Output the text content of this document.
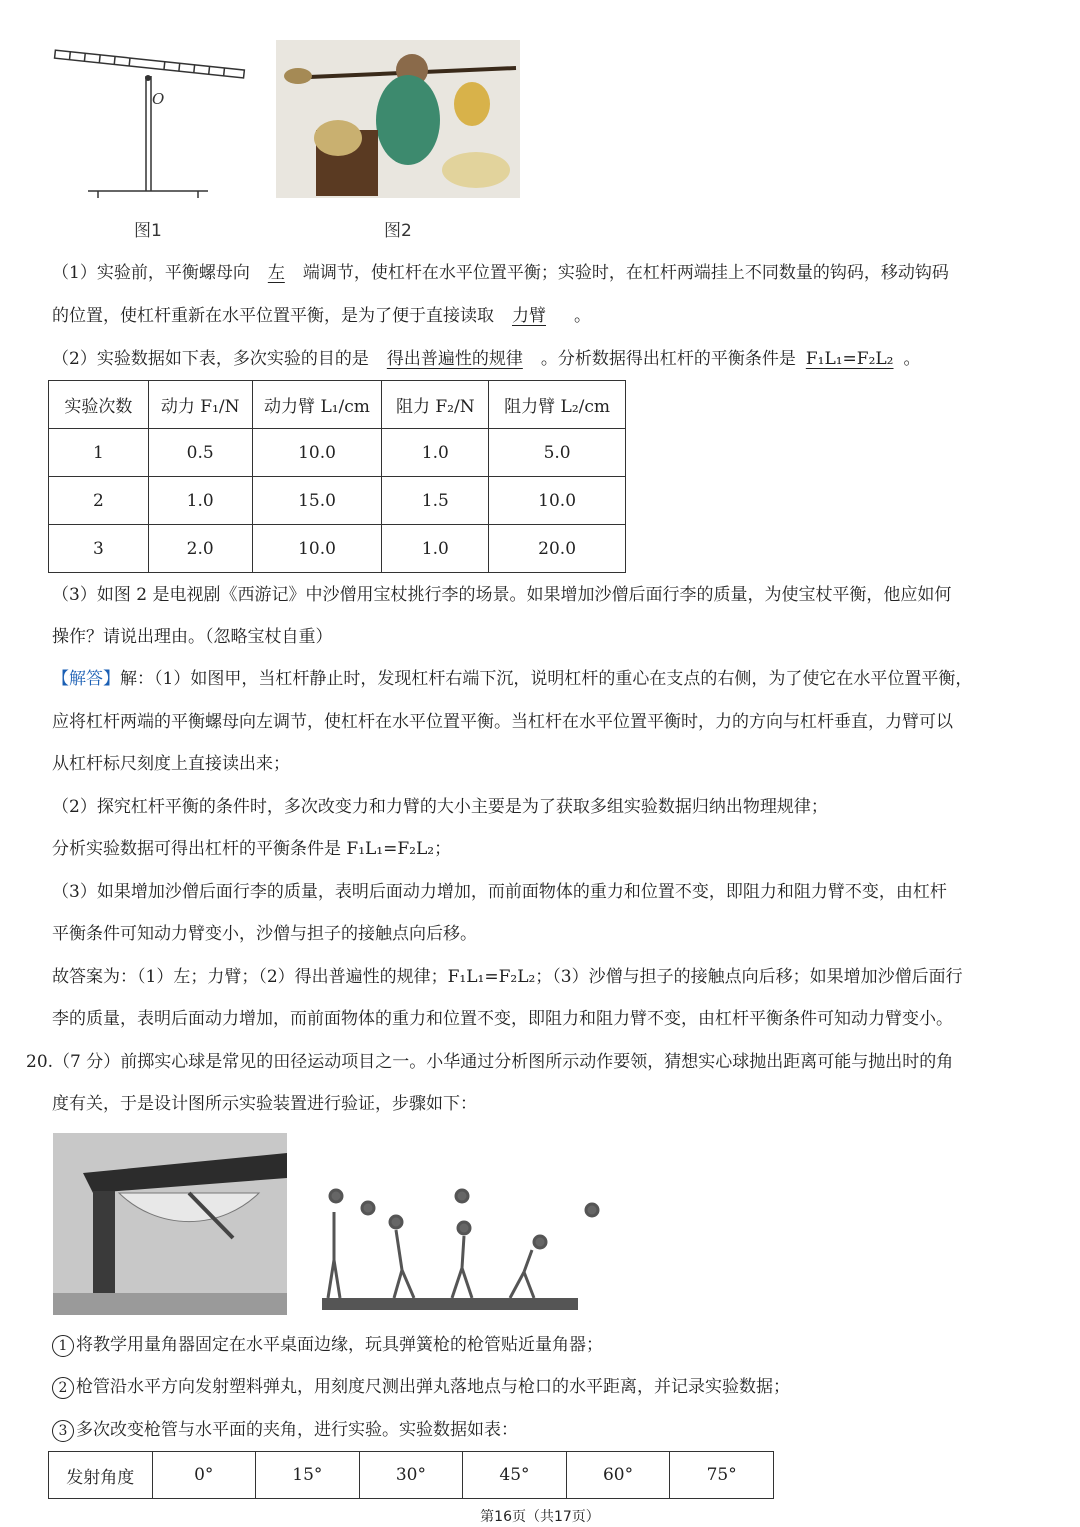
O
图1	图2
（1）实验前，平衡螺母向 左 端调节，使杠杆在水平位置平衡；实验时，在杠杆两端挂上不同数量的钩码，移动钩码
的位置，使杠杆重新在水平位置平衡，是为了便于直接读取 力臂 。
（2）实验数据如下表，多次实验的目的是 得出普遍性的规律 。分析数据得出杠杆的平衡条件是 F₁L₁=F₂L₂ 。
实验次数	动力 F₁/N	动力臂 L₁/cm	阻力 F₂/N	阻力臂 L₂/cm
1	0.5	10.0	1.0	5.0
2	1.0	15.0	1.5	10.0
3	2.0	10.0	1.0	20.0
（3）如图 2 是电视剧《西游记》中沙僧用宝杖挑行李的场景。如果增加沙僧后面行李的质量，为使宝杖平衡，他应如何
操作？请说出理由。（忽略宝杖自重）
【解答】解：（1）如图甲，当杠杆静止时，发现杠杆右端下沉，说明杠杆的重心在支点的右侧，为了使它在水平位置平衡，
应将杠杆两端的平衡螺母向左调节，使杠杆在水平位置平衡。当杠杆在水平位置平衡时，力的方向与杠杆垂直，力臂可以
从杠杆标尺刻度上直接读出来；
（2）探究杠杆平衡的条件时，多次改变力和力臂的大小主要是为了获取多组实验数据归纳出物理规律；
分析实验数据可得出杠杆的平衡条件是 F₁L₁=F₂L₂；
（3）如果增加沙僧后面行李的质量，表明后面动力增加，而前面物体的重力和位置不变，即阻力和阻力臂不变，由杠杆
平衡条件可知动力臂变小，沙僧与担子的接触点向后移。
故答案为：（1）左；力臂；（2）得出普遍性的规律；F₁L₁=F₂L₂；（3）沙僧与担子的接触点向后移；如果增加沙僧后面行
李的质量，表明后面动力增加，而前面物体的重力和位置不变，即阻力和阻力臂不变，由杠杆平衡条件可知动力臂变小。
20.（7 分）前掷实心球是常见的田径运动项目之一。小华通过分析图所示动作要领，猜想实心球抛出距离可能与抛出时的角
度有关，于是设计图所示实验装置进行验证，步骤如下：
1 将教学用量角器固定在水平桌面边缘，玩具弹簧枪的枪管贴近量角器；
2 枪管沿水平方向发射塑料弹丸，用刻度尺测出弹丸落地点与枪口的水平距离，并记录实验数据；
3 多次改变枪管与水平面的夹角，进行实验。实验数据如表：
发射角度	0°	15°	30°	45°	60°	75°
第16页（共17页）
